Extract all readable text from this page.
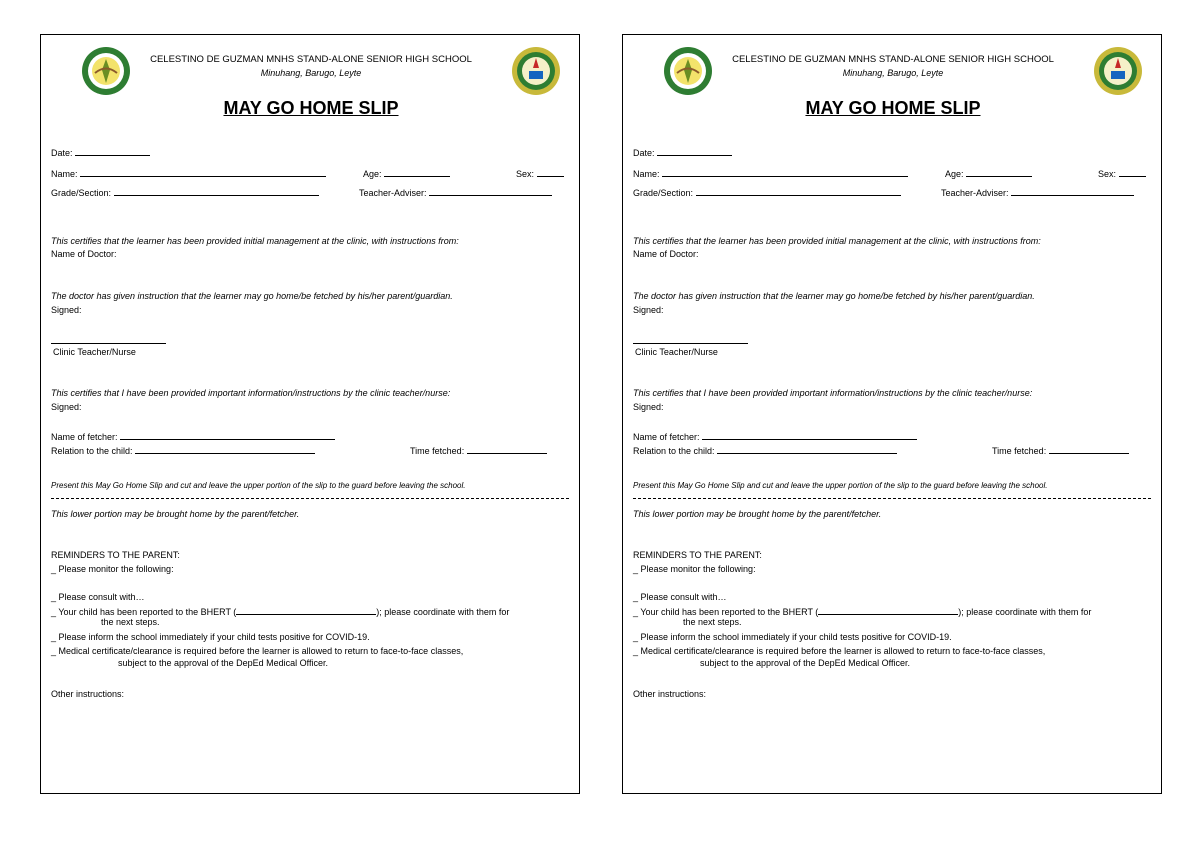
CELESTINO DE GUZMAN MNHS STAND-ALONE SENIOR HIGH SCHOOL
Minuhang, Barugo, Leyte
MAY GO HOME SLIP
Date:
Name:	Age:	Sex:
Grade/Section:	Teacher-Adviser:
This certifies that the learner has been provided initial management at the clinic, with instructions from:
Name of Doctor:
The doctor has given instruction that the learner may go home/be fetched by his/her parent/guardian.
Signed:
Clinic Teacher/Nurse
This certifies that I have been provided important information/instructions by the clinic teacher/nurse:
Signed:
Name of fetcher:
Relation to the child:	Time fetched:
Present this May Go Home Slip and cut and leave the upper portion of the slip to the guard before leaving the school.
This lower portion may be brought home by the parent/fetcher.
REMINDERS TO THE PARENT:
_ Please monitor the following:
_ Please consult with…
_ Your child has been reported to the BHERT (	); please coordinate with them for
the next steps.
_ Please inform the school immediately if your child tests positive for COVID-19.
_ Medical certificate/clearance is required before the learner is allowed to return to face-to-face classes,
subject to the approval of the DepEd Medical Officer.
Other instructions:
CELESTINO DE GUZMAN MNHS STAND-ALONE SENIOR HIGH SCHOOL
Minuhang, Barugo, Leyte
MAY GO HOME SLIP
Date:
Name:	Age:	Sex:
Grade/Section:	Teacher-Adviser:
This certifies that the learner has been provided initial management at the clinic, with instructions from:
Name of Doctor:
The doctor has given instruction that the learner may go home/be fetched by his/her parent/guardian.
Signed:
Clinic Teacher/Nurse
This certifies that I have been provided important information/instructions by the clinic teacher/nurse:
Signed:
Name of fetcher:
Relation to the child:	Time fetched:
Present this May Go Home Slip and cut and leave the upper portion of the slip to the guard before leaving the school.
This lower portion may be brought home by the parent/fetcher.
REMINDERS TO THE PARENT:
_ Please monitor the following:
_ Please consult with…
_ Your child has been reported to the BHERT (	); please coordinate with them for
the next steps.
_ Please inform the school immediately if your child tests positive for COVID-19.
_ Medical certificate/clearance is required before the learner is allowed to return to face-to-face classes,
subject to the approval of the DepEd Medical Officer.
Other instructions:
